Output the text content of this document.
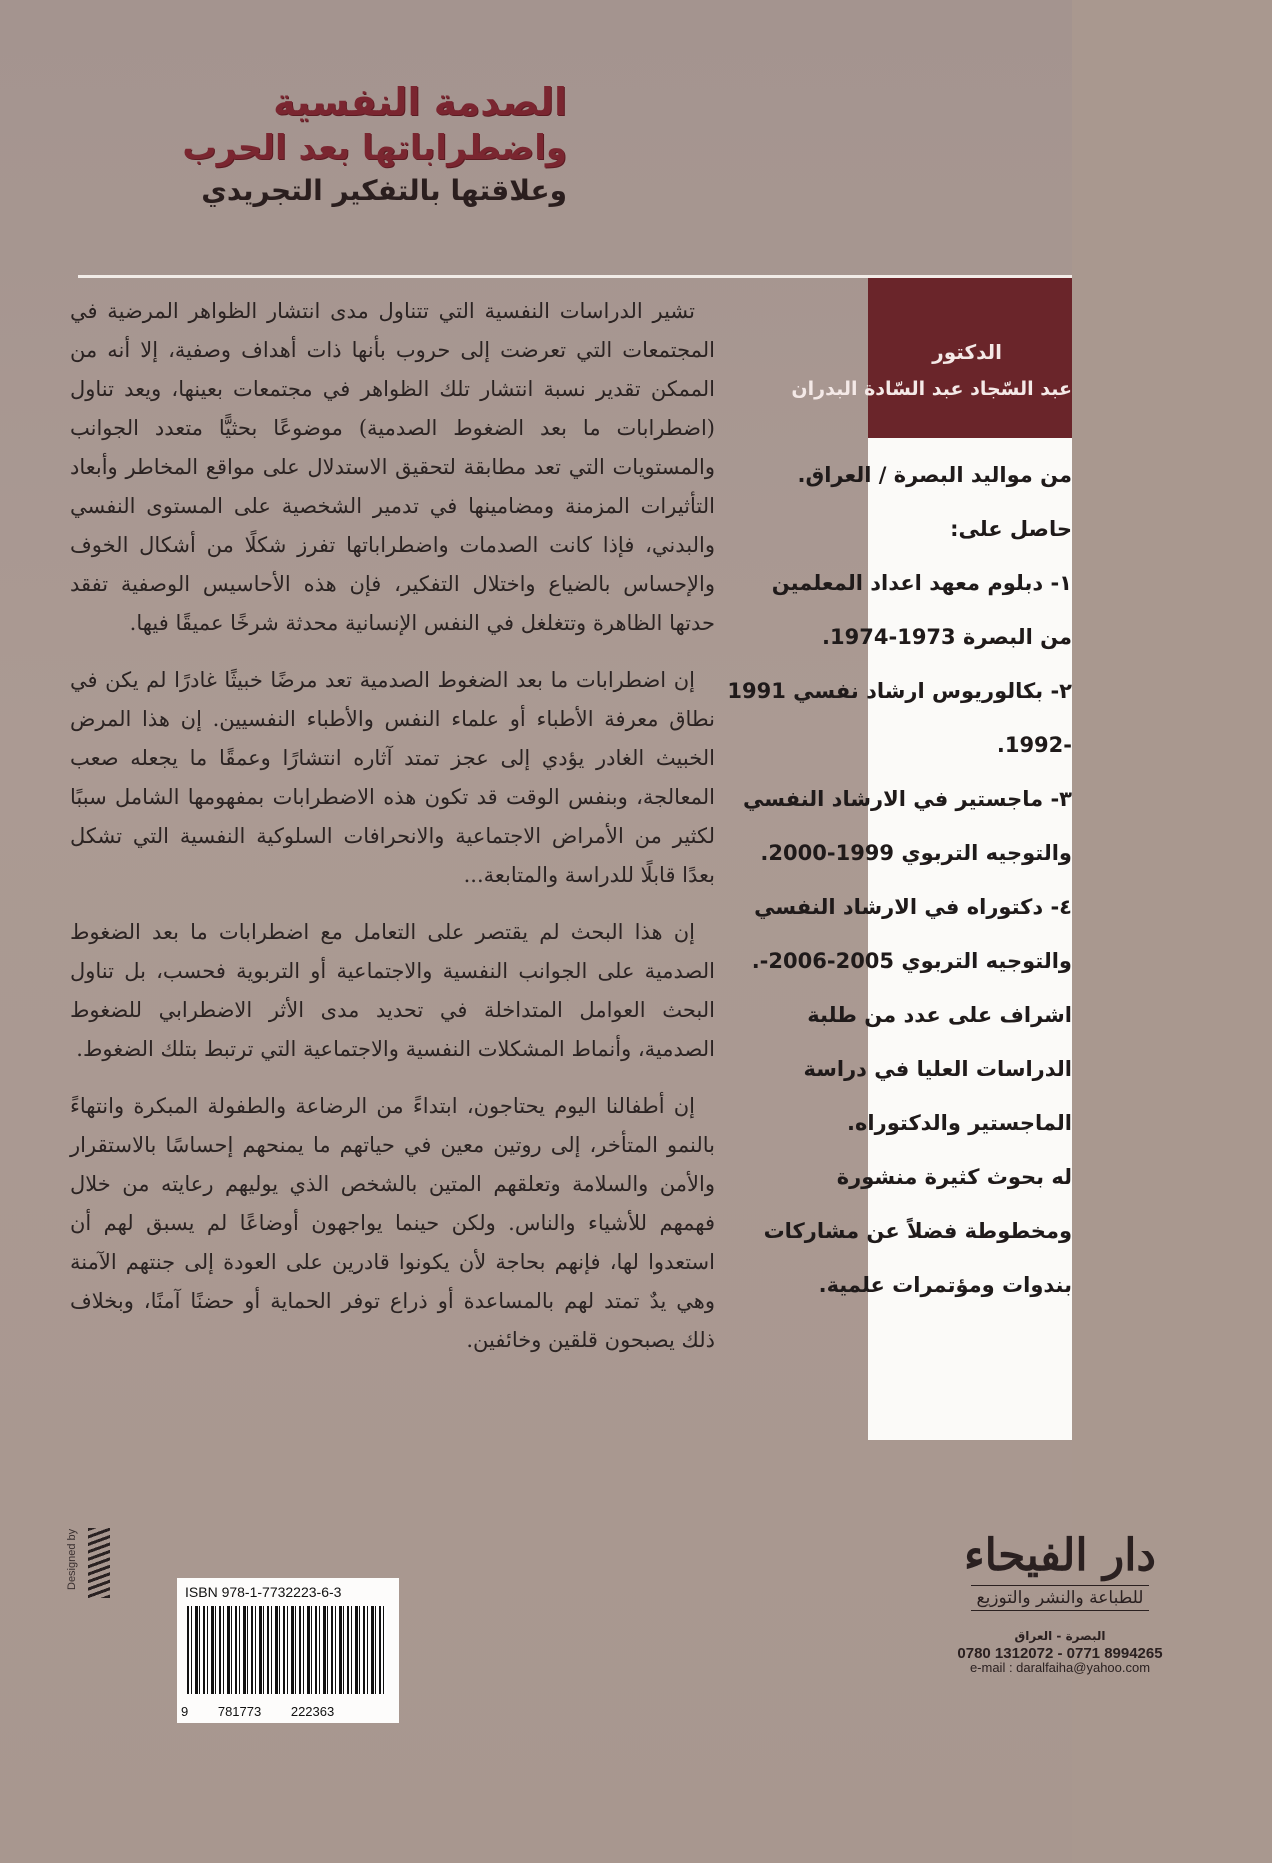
الصدمة النفسية
واضطراباتها بعد الحرب
وعلاقتها بالتفكير التجريدي

تشير الدراسات النفسية التي تتناول مدى انتشار الظواهر المرضية في المجتمعات التي تعرضت إلى حروب بأنها ذات أهداف وصفية، إلا أنه من الممكن تقدير نسبة انتشار تلك الظواهر في مجتمعات بعينها، ويعد تناول (اضطرابات ما بعد الضغوط الصدمية) موضوعًا بحثيًّا متعدد الجوانب والمستويات التي تعد مطابقة لتحقيق الاستدلال على مواقع المخاطر وأبعاد التأثيرات المزمنة ومضامينها في تدمير الشخصية على المستوى النفسي والبدني، فإذا كانت الصدمات واضطراباتها تفرز شكلًا من أشكال الخوف والإحساس بالضياع واختلال التفكير، فإن هذه الأحاسيس الوصفية تفقد حدتها الظاهرة وتتغلغل في النفس الإنسانية محدثة شرخًا عميقًا فيها.

إن اضطرابات ما بعد الضغوط الصدمية تعد مرضًا خبيثًا غادرًا لم يكن في نطاق معرفة الأطباء أو علماء النفس والأطباء النفسيين. إن هذا المرض الخبيث الغادر يؤدي إلى عجز تمتد آثاره انتشارًا وعمقًا ما يجعله صعب المعالجة، وبنفس الوقت قد تكون هذه الاضطرابات بمفهومها الشامل سببًا لكثير من الأمراض الاجتماعية والانحرافات السلوكية النفسية التي تشكل بعدًا قابلًا للدراسة والمتابعة...

إن هذا البحث لم يقتصر على التعامل مع اضطرابات ما بعد الضغوط الصدمية على الجوانب النفسية والاجتماعية أو التربوية فحسب، بل تناول البحث العوامل المتداخلة في تحديد مدى الأثر الاضطرابي للضغوط الصدمية، وأنماط المشكلات النفسية والاجتماعية التي ترتبط بتلك الضغوط.

إن أطفالنا اليوم يحتاجون، ابتداءً من الرضاعة والطفولة المبكرة وانتهاءً بالنمو المتأخر، إلى روتين معين في حياتهم ما يمنحهم إحساسًا بالاستقرار والأمن والسلامة وتعلقهم المتين بالشخص الذي يوليهم رعايته من خلال فهمهم للأشياء والناس. ولكن حينما يواجهون أوضاعًا لم يسبق لهم أن استعدوا لها، فإنهم بحاجة لأن يكونوا قادرين على العودة إلى جنتهم الآمنة وهي يدٌ تمتد لهم بالمساعدة أو ذراع توفر الحماية أو حضنًا آمنًا، وبخلاف ذلك يصبحون قلقين وخائفين.

الدكتور
عبد السّجاد عبد السّادة البدران
من مواليد البصرة / العراق.
حاصل على:
١- دبلوم معهد اعداد المعلمين
من البصرة 1973-1974.
٢- بكالوريوس ارشاد نفسي 1991
-1992.
٣- ماجستير في الارشاد النفسي
والتوجيه التربوي 1999-2000.
٤- دكتوراه في الارشاد النفسي
والتوجيه التربوي 2005-2006-.
اشراف على عدد من طلبة
الدراسات العليا في دراسة
الماجستير والدكتوراه.
له بحوث كثيرة منشورة
ومخطوطة فضلاً عن مشاركات
بندوات ومؤتمرات علمية.
Designed by
ISBN 978-1-7732223-6-3
9 781773 222363
دار الفيحاء
للطباعة والنشر والتوزيع
البصرة - العراق
0780 1312072 - 0771 8994265
e-mail : daralfaiha@yahoo.com
